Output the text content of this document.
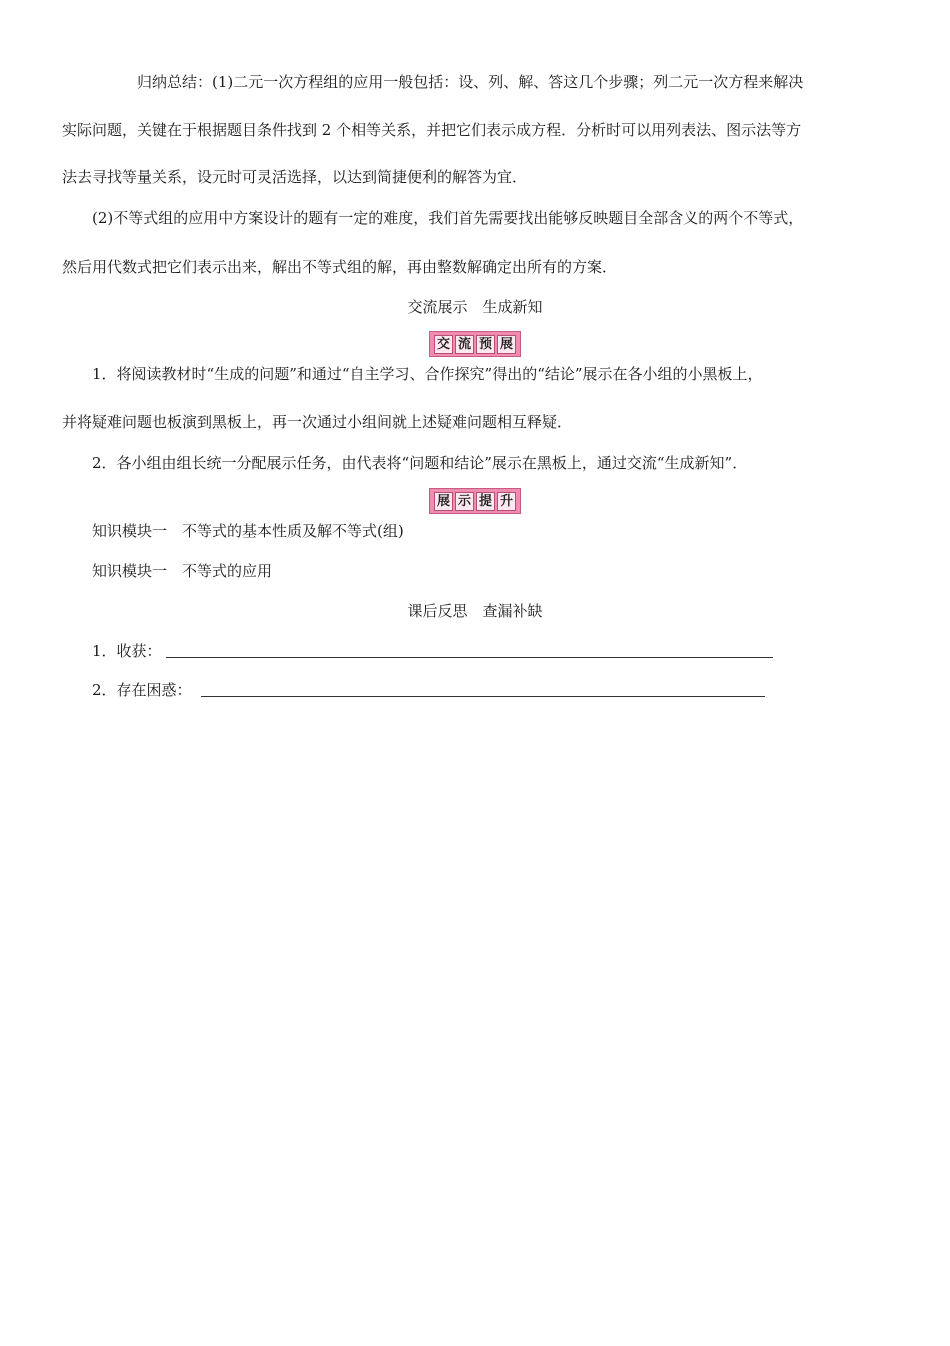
归纳总结：(1)二元一次方程组的应用一般包括：设、列、解、答这几个步骤；列二元一次方程来解决
实际问题，关键在于根据题目条件找到 2 个相等关系，并把它们表示成方程．分析时可以用列表法、图示法等方
法去寻找等量关系，设元时可灵活选择，以达到简捷便利的解答为宜．
(2)不等式组的应用中方案设计的题有一定的难度，我们首先需要找出能够反映题目全部含义的两个不等式，
然后用代数式把它们表示出来，解出不等式组的解，再由整数解确定出所有的方案．
交流展示　生成新知
交 流 预 展
1．将阅读教材时“生成的问题”和通过“自主学习、合作探究”得出的“结论”展示在各小组的小黑板上，
并将疑难问题也板演到黑板上，再一次通过小组间就上述疑难问题相互释疑．
2．各小组由组长统一分配展示任务，由代表将“问题和结论”展示在黑板上，通过交流“生成新知”．
展 示 提 升
知识模块一　不等式的基本性质及解不等式(组)
知识模块一　不等式的应用
课后反思　查漏补缺
1．收获：
2．存在困惑：
